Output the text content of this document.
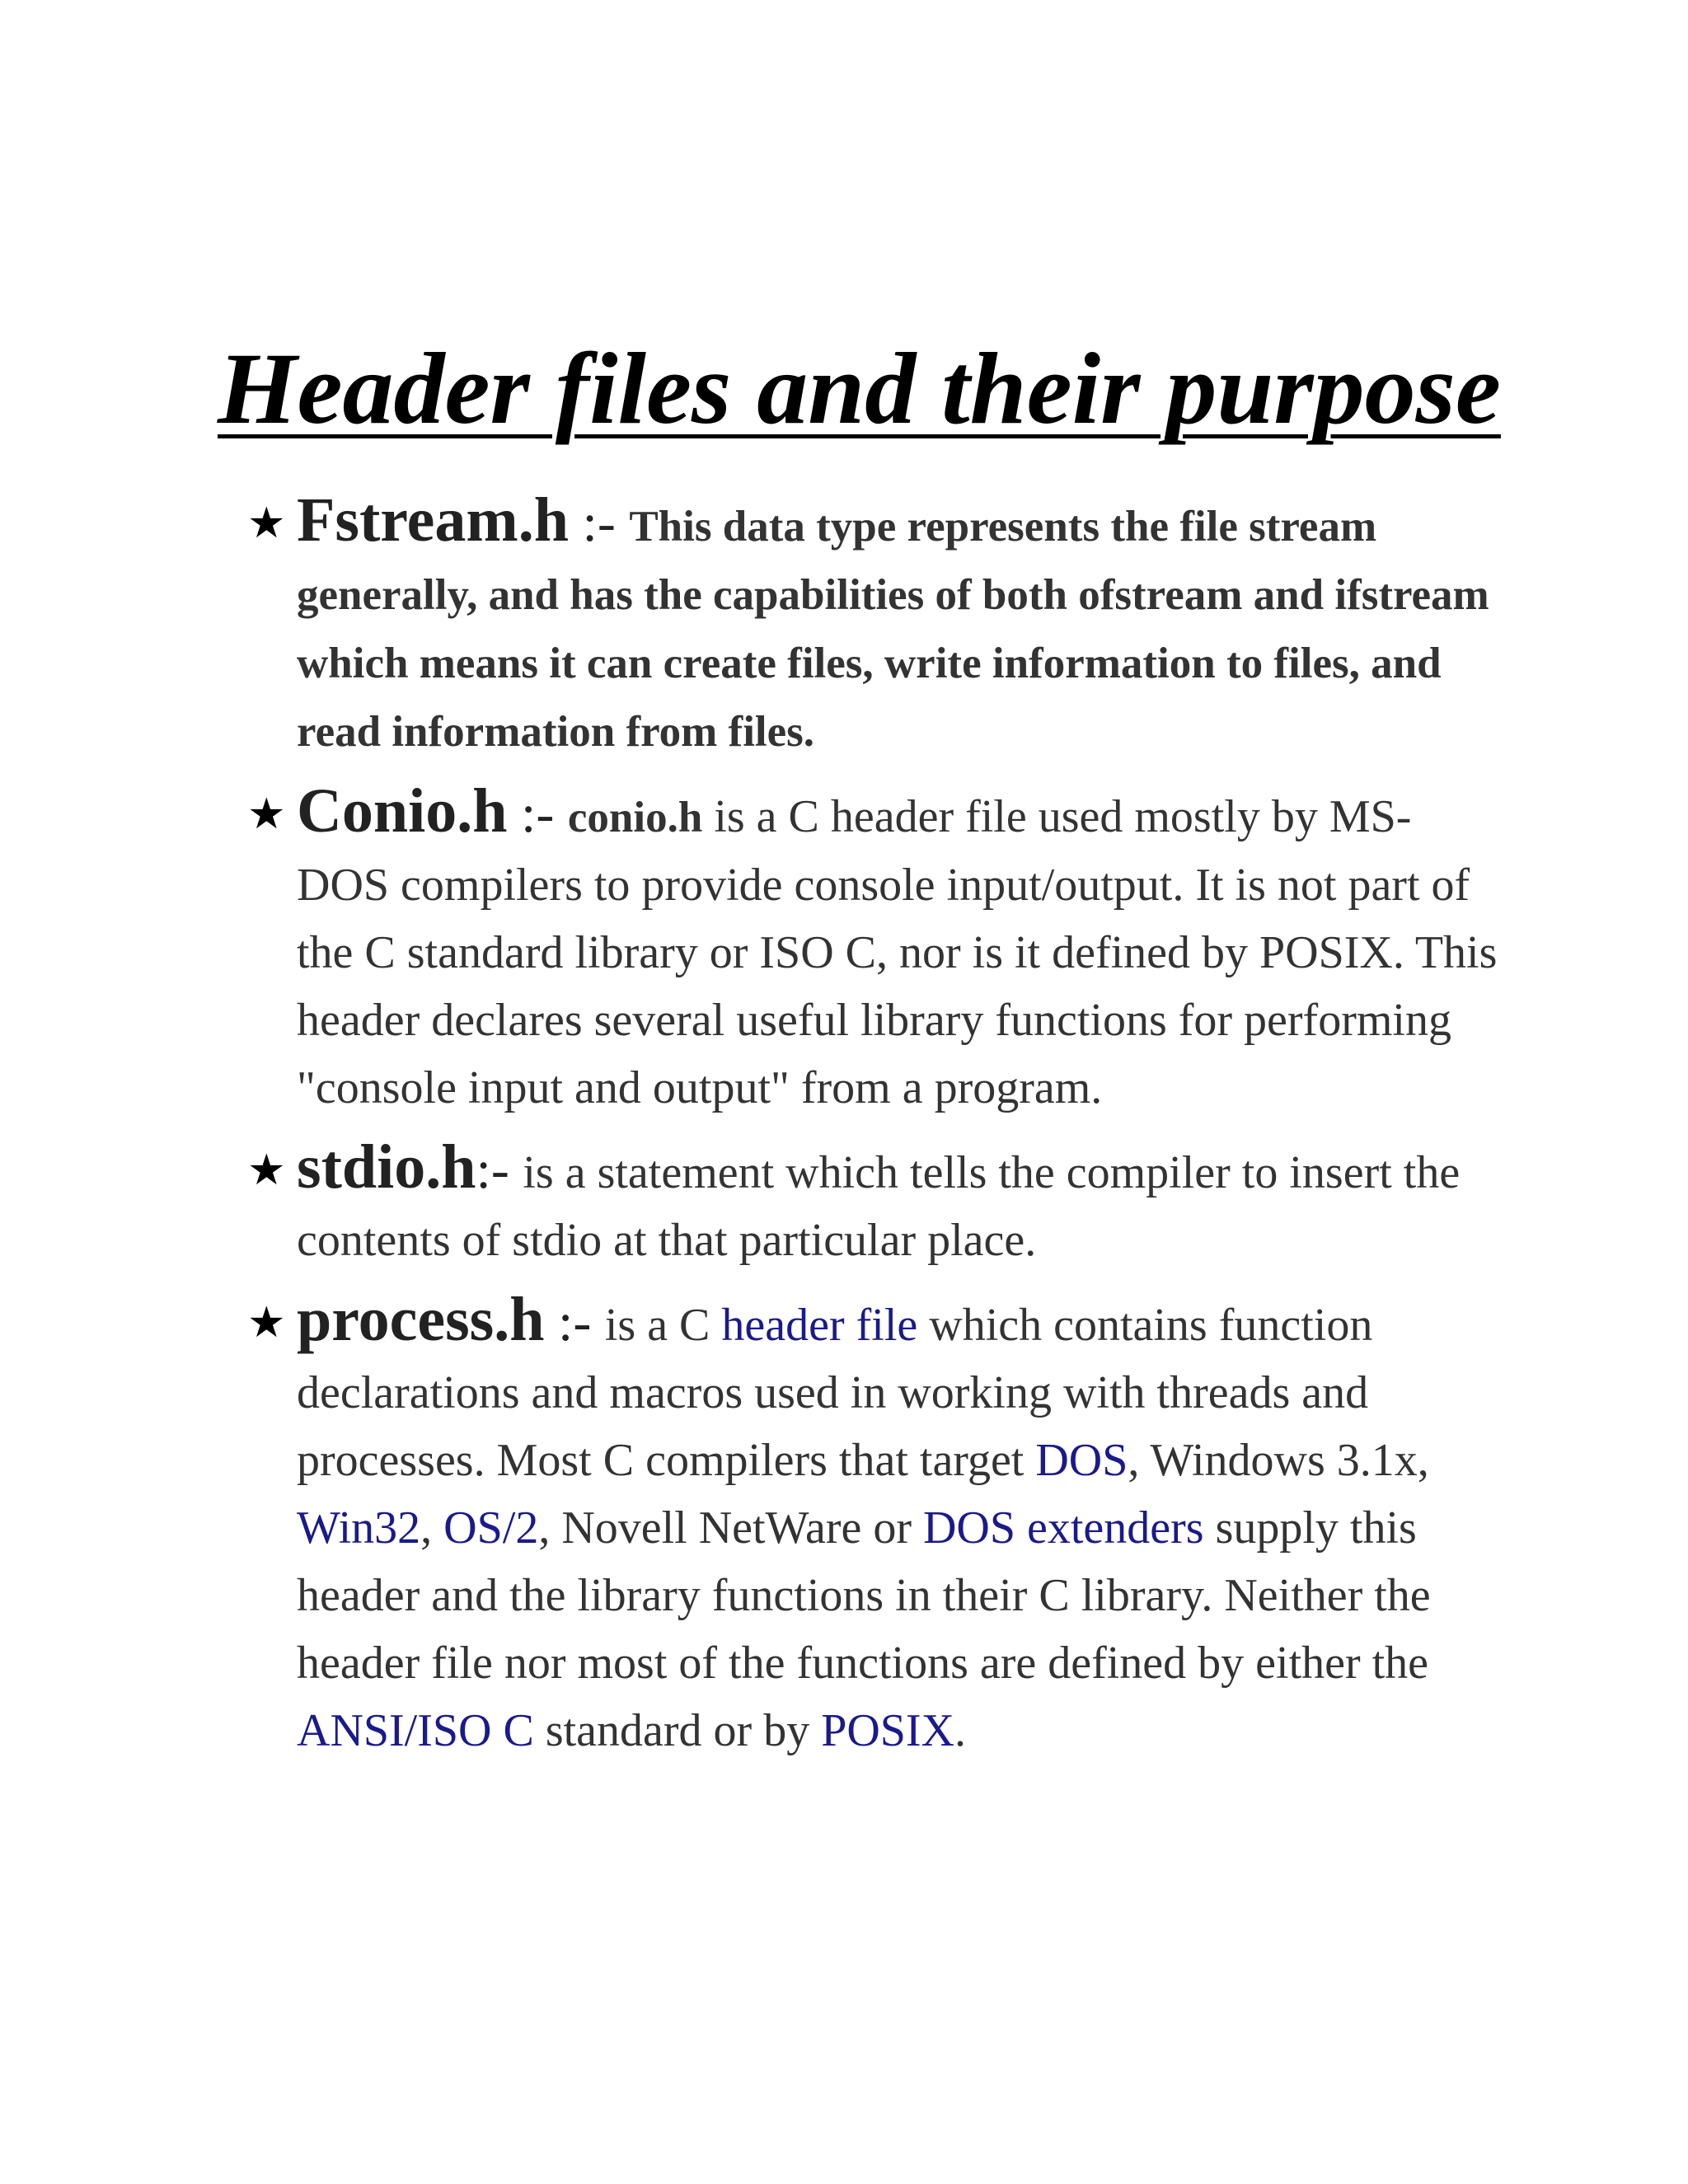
Header files and their purpose
★ Fstream.h :- This data type represents the file stream generally, and has the capabilities of both ofstream and ifstream which means it can create files, write information to files, and read information from files.
★ Conio.h :- conio.h is a C header file used mostly by MS-DOS compilers to provide console input/output. It is not part of the C standard library or ISO C, nor is it defined by POSIX. This header declares several useful library functions for performing "console input and output" from a program.
★ stdio.h:- is a statement which tells the compiler to insert the contents of stdio at that particular place.
★ process.h :- is a C header file which contains function declarations and macros used in working with threads and processes. Most C compilers that target DOS, Windows 3.1x, Win32, OS/2, Novell NetWare or DOS extenders supply this header and the library functions in their C library. Neither the header file nor most of the functions are defined by either the ANSI/ISO C standard or by POSIX.
